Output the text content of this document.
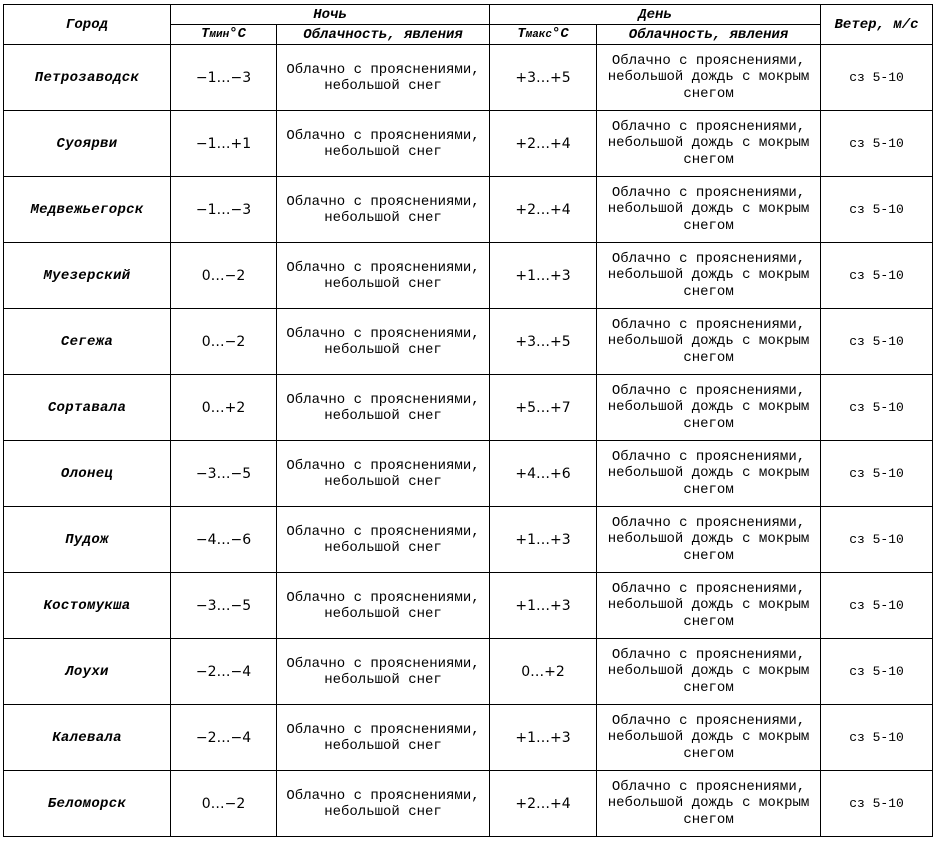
Город	Ночь		День		Ветер, м/с
	Tмин°C	Облачность, явления	Tмакс°C	Облачность, явления	
Петрозаводск	−1…−3	Облачно с прояснениями, небольшой снег	+3…+5	Облачно с прояснениями, небольшой дождь с мокрым снегом	сз 5-10
Суоярви	−1…+1	Облачно с прояснениями, небольшой снег	+2…+4	Облачно с прояснениями, небольшой дождь с мокрым снегом	сз 5-10
Медвежьегорск	−1…−3	Облачно с прояснениями, небольшой снег	+2…+4	Облачно с прояснениями, небольшой дождь с мокрым снегом	сз 5-10
Муезерский	0…−2	Облачно с прояснениями, небольшой снег	+1…+3	Облачно с прояснениями, небольшой дождь с мокрым снегом	сз 5-10
Сегежа	0…−2	Облачно с прояснениями, небольшой снег	+3…+5	Облачно с прояснениями, небольшой дождь с мокрым снегом	сз 5-10
Сортавала	0…+2	Облачно с прояснениями, небольшой снег	+5…+7	Облачно с прояснениями, небольшой дождь с мокрым снегом	сз 5-10
Олонец	−3…−5	Облачно с прояснениями, небольшой снег	+4…+6	Облачно с прояснениями, небольшой дождь с мокрым снегом	сз 5-10
Пудож	−4…−6	Облачно с прояснениями, небольшой снег	+1…+3	Облачно с прояснениями, небольшой дождь с мокрым снегом	сз 5-10
Костомукша	−3…−5	Облачно с прояснениями, небольшой снег	+1…+3	Облачно с прояснениями, небольшой дождь с мокрым снегом	сз 5-10
Лоухи	−2…−4	Облачно с прояснениями, небольшой снег	0…+2	Облачно с прояснениями, небольшой дождь с мокрым снегом	сз 5-10
Калевала	−2…−4	Облачно с прояснениями, небольшой снег	+1…+3	Облачно с прояснениями, небольшой дождь с мокрым снегом	сз 5-10
Беломорск	0…−2	Облачно с прояснениями, небольшой снег	+2…+4	Облачно с прояснениями, небольшой дождь с мокрым снегом	сз 5-10
